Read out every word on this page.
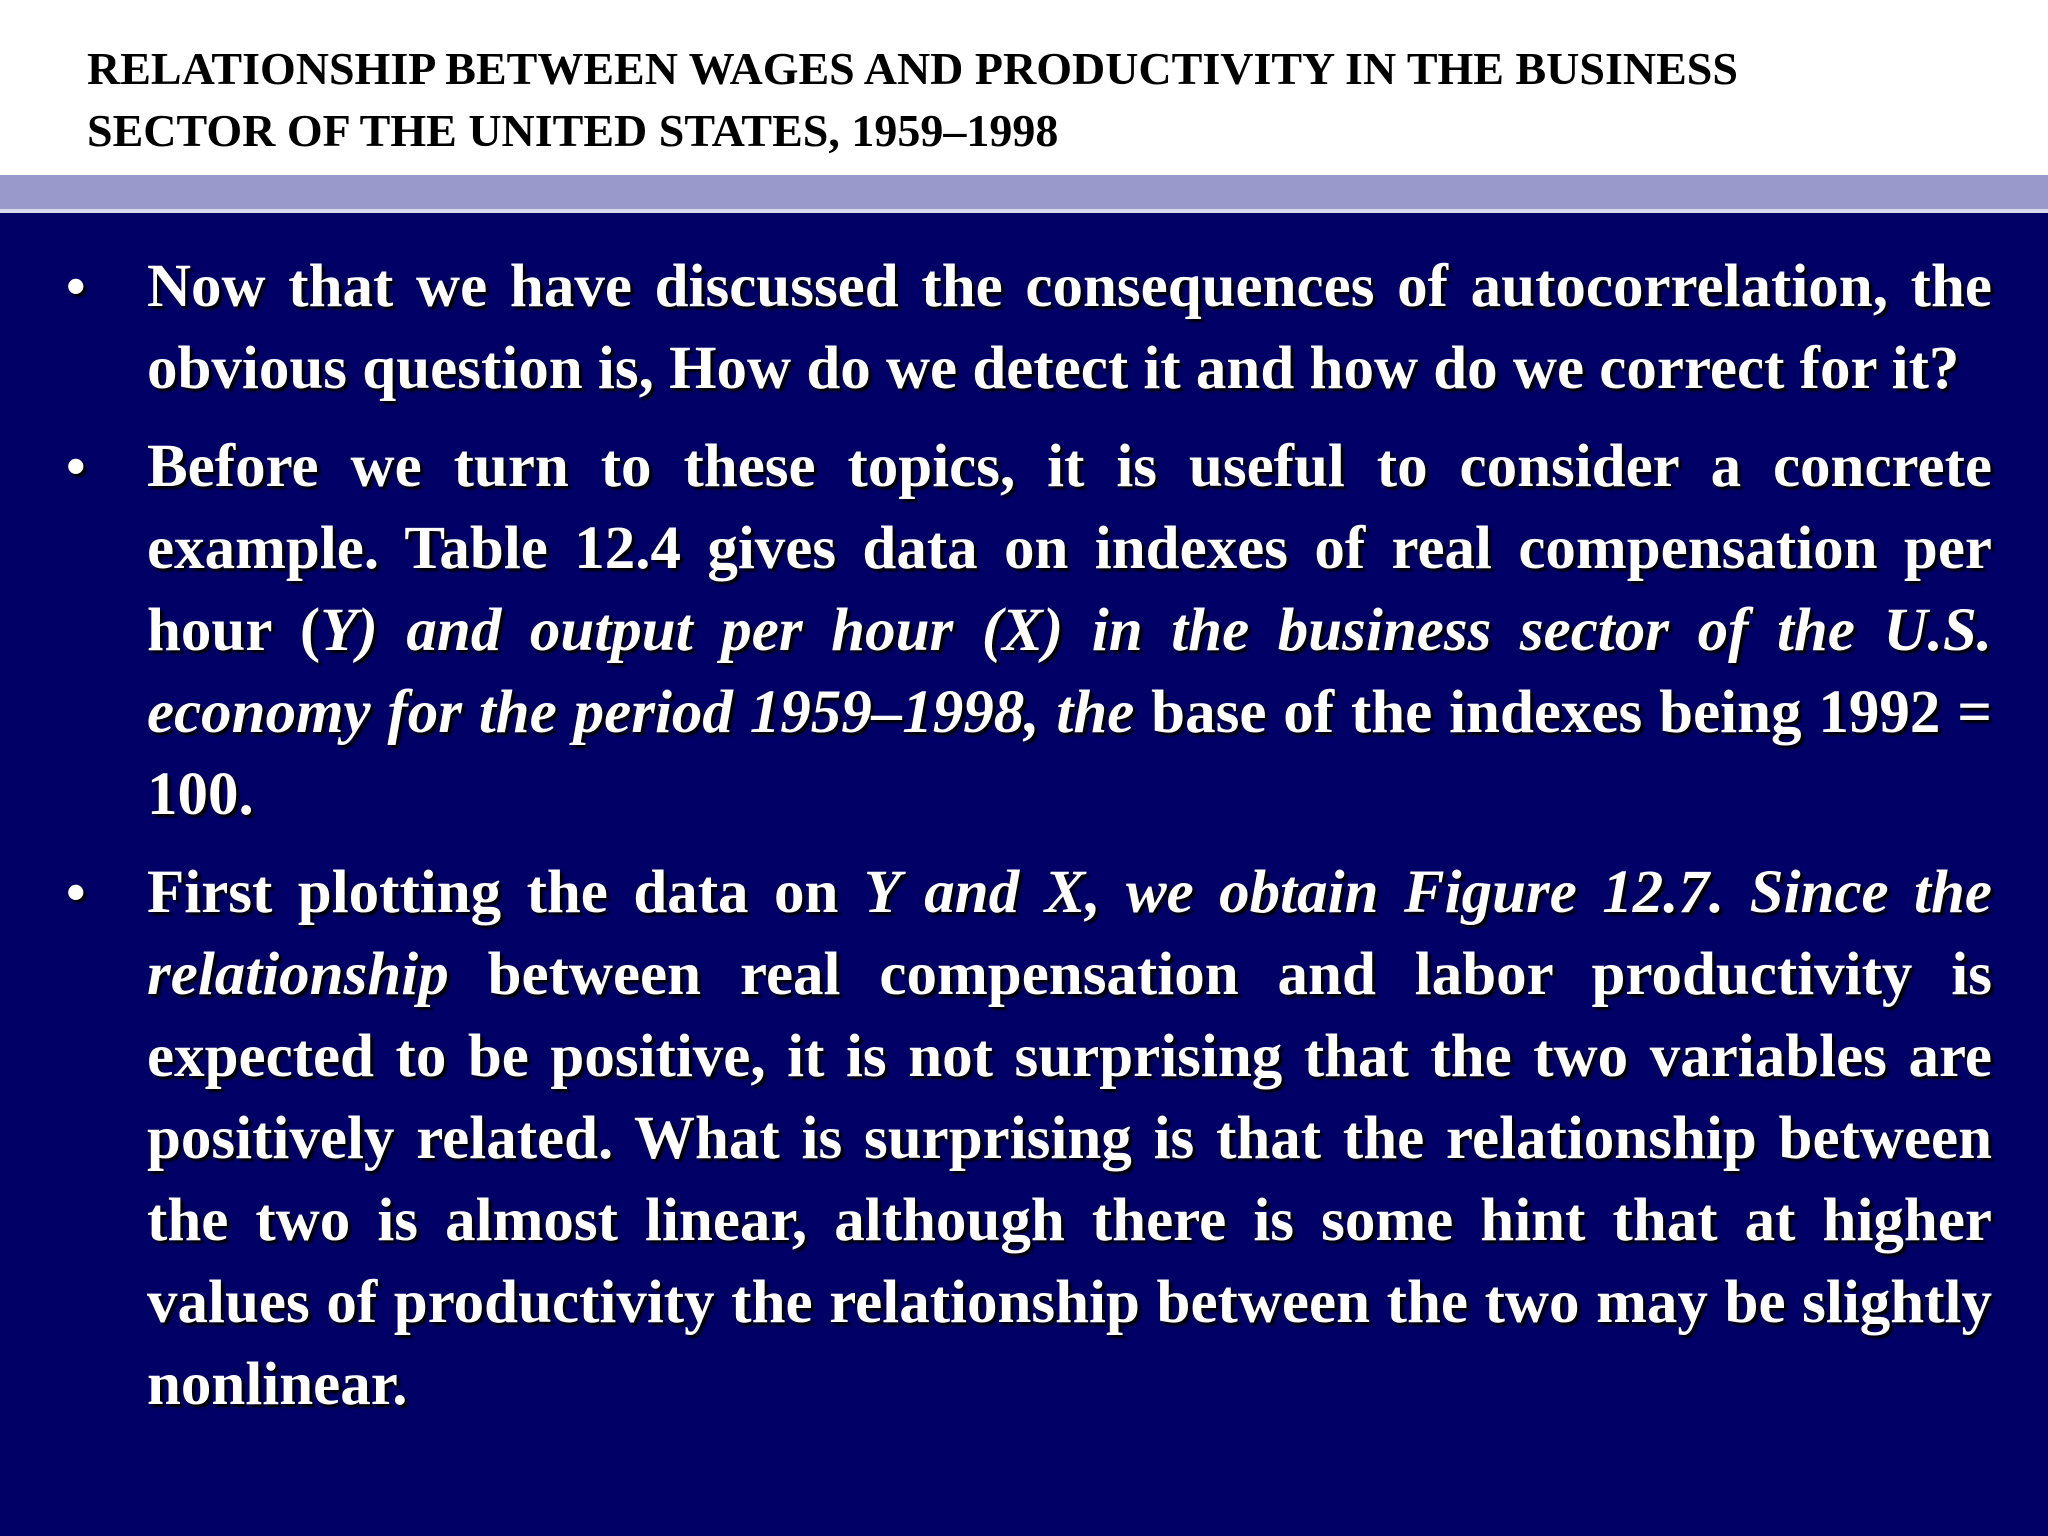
RELATIONSHIP BETWEEN WAGES AND PRODUCTIVITY IN THE BUSINESS
SECTOR OF THE UNITED STATES, 1959–1998
• Now that we have discussed the consequences of autocorrelation, the obvious question is, How do we detect it and how do we correct for it?

• Before we turn to these topics, it is useful to consider a concrete example. Table 12.4 gives data on indexes of real compensation per hour (Y) and output per hour (X) in the business sector of the U.S. economy for the period 1959–1998, the base of the indexes being 1992 = 100.

• First plotting the data on Y and X, we obtain Figure 12.7. Since the relationship between real compensation and labor productivity is expected to be positive, it is not surprising that the two variables are positively related. What is surprising is that the relationship between the two is almost linear, although there is some hint that at higher values of productivity the relationship between the two may be slightly nonlinear.
